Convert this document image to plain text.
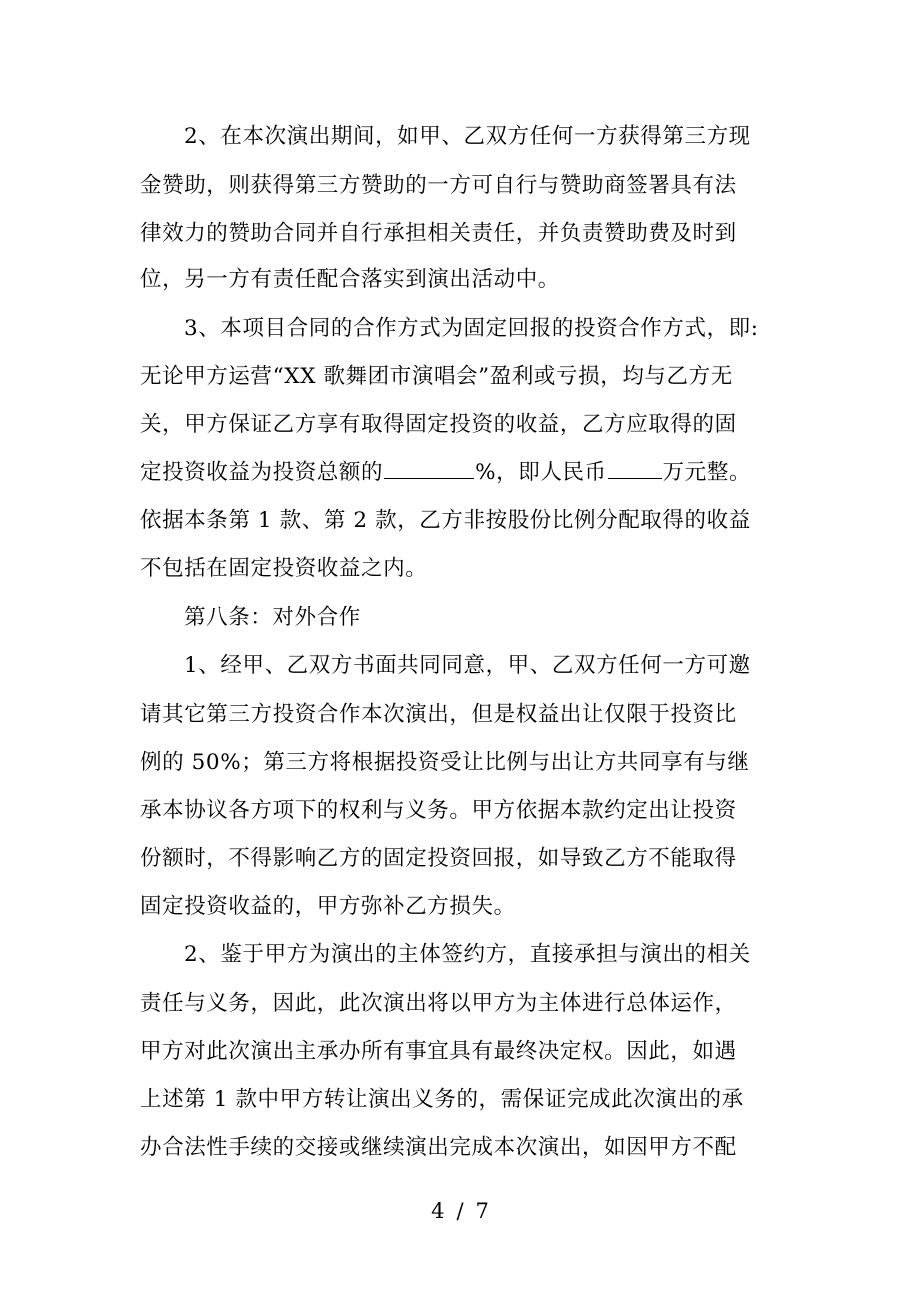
2、在本次演出期间，如甲、乙双方任何一方获得第三方现
金赞助，则获得第三方赞助的一方可自行与赞助商签署具有法
律效力的赞助合同并自行承担相关责任，并负责赞助费及时到
位，另一方有责任配合落实到演出活动中。
3、本项目合同的合作方式为固定回报的投资合作方式，即:
无论甲方运营“XX 歌舞团市演唱会”盈利或亏损，均与乙方无
关，甲方保证乙方享有取得固定投资的收益，乙方应取得的固
定投资收益为投资总额的	%，即人民币	万元整。
依据本条第 1 款、第 2 款，乙方非按股份比例分配取得的收益
不包括在固定投资收益之内。
第八条：对外合作
1、经甲、乙双方书面共同同意，甲、乙双方任何一方可邀
请其它第三方投资合作本次演出，但是权益出让仅限于投资比
例的 50%；第三方将根据投资受让比例与出让方共同享有与继
承本协议各方项下的权利与义务。甲方依据本款约定出让投资
份额时，不得影响乙方的固定投资回报，如导致乙方不能取得
固定投资收益的，甲方弥补乙方损失。
2、鉴于甲方为演出的主体签约方，直接承担与演出的相关
责任与义务，因此，此次演出将以甲方为主体进行总体运作，
甲方对此次演出主承办所有事宜具有最终决定权。因此，如遇
上述第 1 款中甲方转让演出义务的，需保证完成此次演出的承
办合法性手续的交接或继续演出完成本次演出，如因甲方不配
4 / 7
